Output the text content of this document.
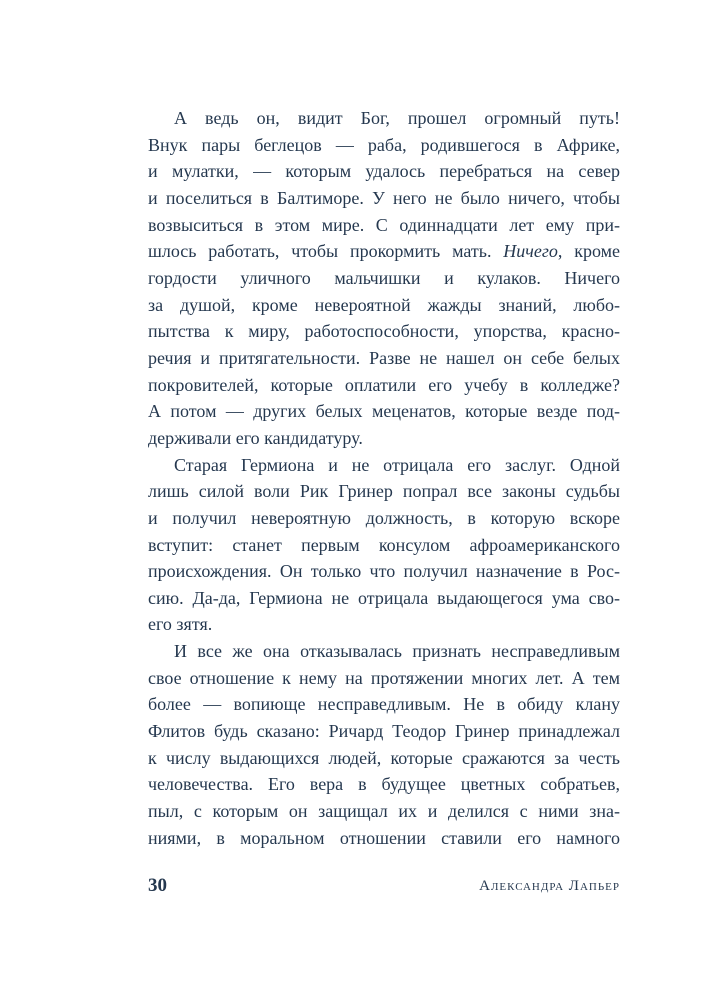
А ведь он, видит Бог, прошел огромный путь!
Внук пары беглецов — раба, родившегося в Африке,
и мулатки, — которым удалось перебраться на север
и поселиться в Балтиморе. У него не было ничего, чтобы
возвыситься в этом мире. С одиннадцати лет ему при-
шлось работать, чтобы прокормить мать. Ничего, кроме
гордости уличного мальчишки и кулаков. Ничего
за душой, кроме невероятной жажды знаний, любо-
пытства к миру, работоспособности, упорства, красно-
речия и притягательности. Разве не нашел он себе белых
покровителей, которые оплатили его учебу в колледже?
А потом — других белых меценатов, которые везде под-
держивали его кандидатуру.
Старая Гермиона и не отрицала его заслуг. Одной
лишь силой воли Рик Гринер попрал все законы судьбы
и получил невероятную должность, в которую вскоре
вступит: станет первым консулом афроамериканского
происхождения. Он только что получил назначение в Рос-
сию. Да-да, Гермиона не отрицала выдающегося ума сво-
его зятя.
И все же она отказывалась признать несправедливым
свое отношение к нему на протяжении многих лет. А тем
более — вопиюще несправедливым. Не в обиду клану
Флитов будь сказано: Ричард Теодор Гринер принадлежал
к числу выдающихся людей, которые сражаются за честь
человечества. Его вера в будущее цветных собратьев,
пыл, с которым он защищал их и делился с ними зна-
ниями, в моральном отношении ставили его намного
30	Александра Лапьер
